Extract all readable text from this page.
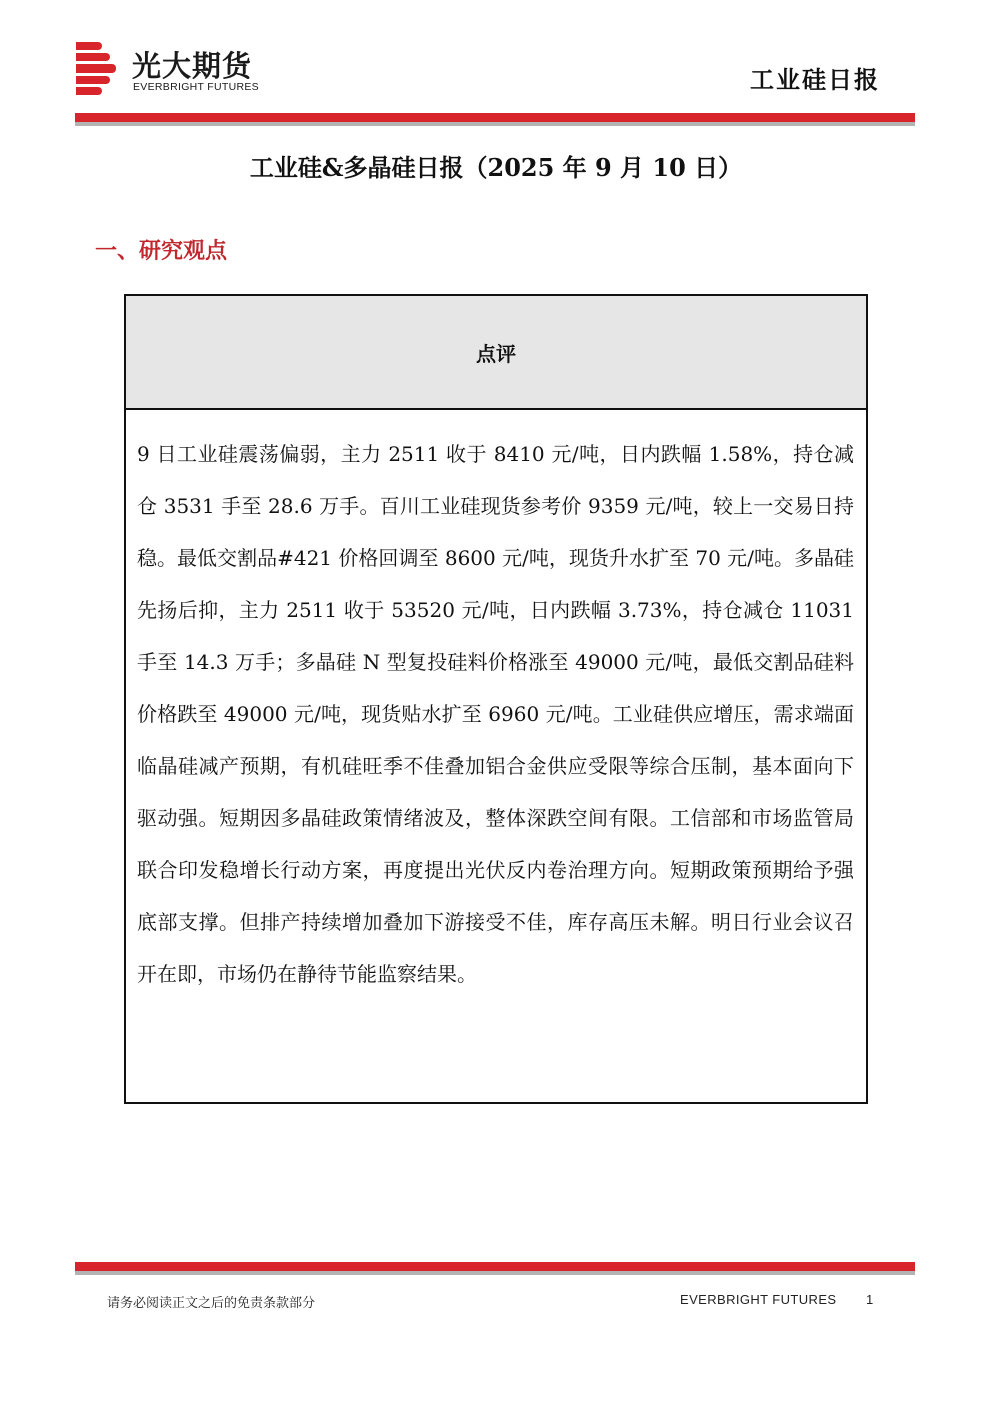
光大期货
EVERBRIGHT FUTURES	工业硅日报
工业硅&多晶硅日报（2025 年 9 月 10 日）
一、研究观点
点评
9 日工业硅震荡偏弱，主力 2511 收于 8410 元/吨，日内跌幅 1.58%，持仓减仓 3531 手至 28.6 万手。百川工业硅现货参考价 9359 元/吨，较上一交易日持稳。最低交割品#421 价格回调至 8600 元/吨，现货升水扩至 70 元/吨。多晶硅先扬后抑，主力 2511 收于 53520 元/吨，日内跌幅 3.73%，持仓减仓 11031 手至 14.3 万手；多晶硅 N 型复投硅料价格涨至 49000 元/吨，最低交割品硅料价格跌至 49000 元/吨，现货贴水扩至 6960 元/吨。工业硅供应增压，需求端面临晶硅减产预期，有机硅旺季不佳叠加铝合金供应受限等综合压制，基本面向下驱动强。短期因多晶硅政策情绪波及，整体深跌空间有限。工信部和市场监管局联合印发稳增长行动方案，再度提出光伏反内卷治理方向。短期政策预期给予强底部支撑。但排产持续增加叠加下游接受不佳，库存高压未解。明日行业会议召开在即，市场仍在静待节能监察结果。
请务必阅读正文之后的免责条款部分	EVERBRIGHT FUTURES 1
